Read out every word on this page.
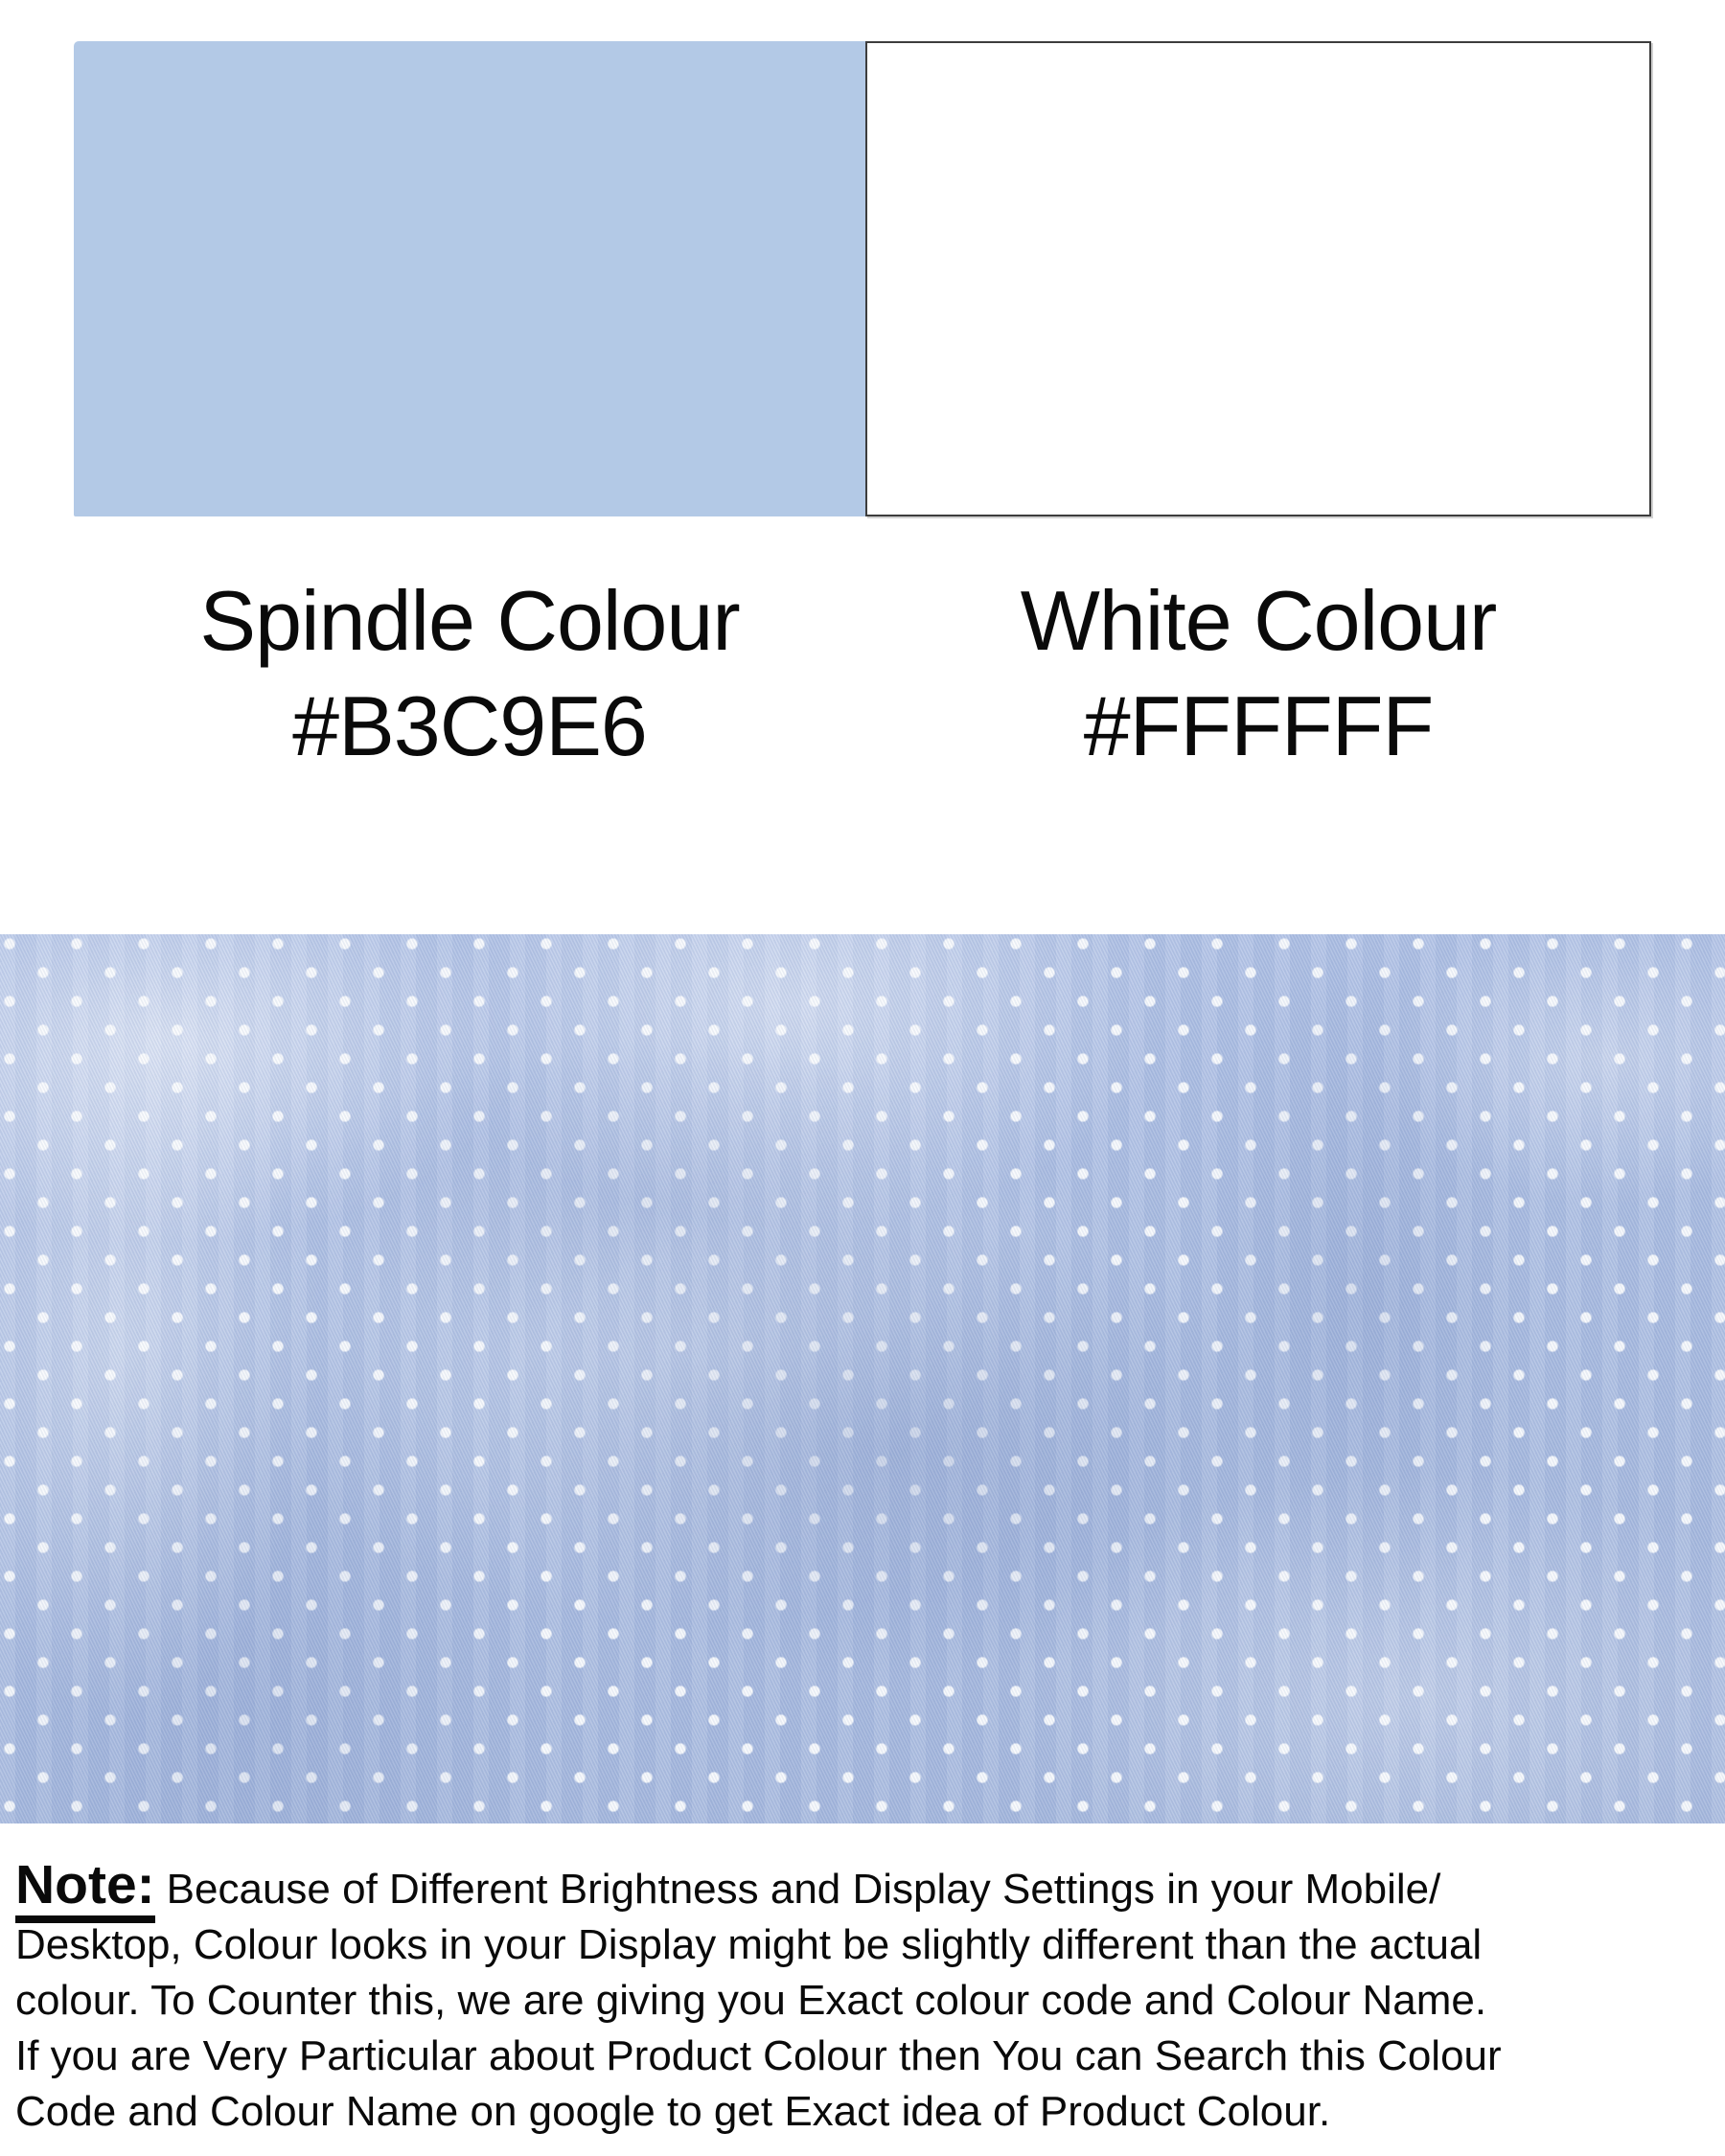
Spindle Colour
#B3C9E6
White Colour
#FFFFFF
Note: Because of Different Brightness and Display Settings in your Mobile/
Desktop, Colour looks in your Display might be slightly different than the actual
colour. To Counter this, we are giving you Exact colour code and Colour Name.
If you are Very Particular about Product Colour then You can Search this Colour
Code and Colour Name on google to get Exact idea of Product Colour.
